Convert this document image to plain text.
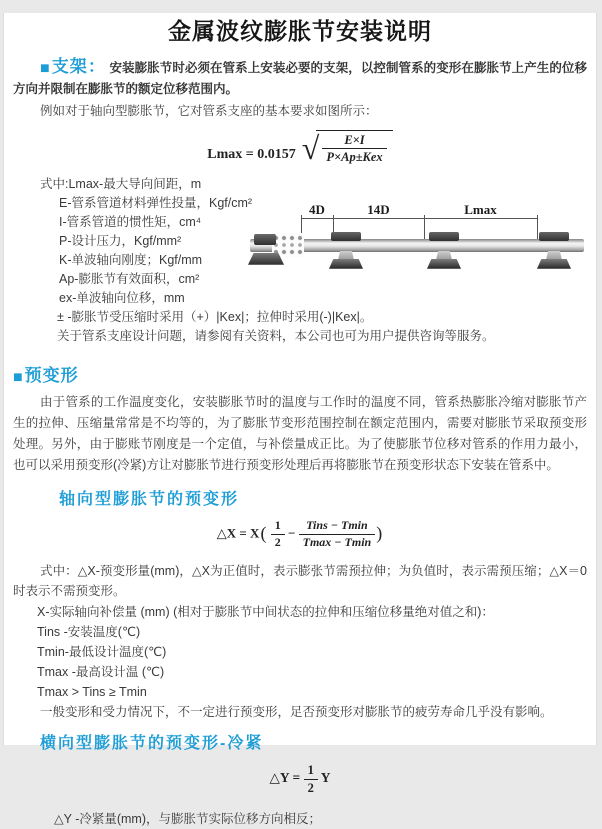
金属波纹膨胀节安装说明

■支架： 安装膨胀节时必须在管系上安装必要的支架，以控制管系的变形在膨胀节上产生的位移方向并限制在膨胀节的额定位移范围内。

例如对于轴向型膨胀节，它对管系支座的基本要求如图所示：

Lmax = 0.0157 √ $\frac{E\times I}{\text{P×Ap±Kex}}$

式中:Lmax-最大导向间距，m

E-管系管道材料弹性投量，Kgf/cm²

I-管系管道的惯性矩，cm⁴

P-设计压力，Kgf/mm²

K-单波轴向刚度；Kgf/mm

Ap-膨胀节有效面积，cm²

ex-单波轴向位移，mm

± -膨胀节受压缩时采用（+）|Kex|；拉伸时采用(-)|Kex|。

关于管系支座设计问题，请参阅有关资料，本公司也可为用户提供咨询等服务。

4D	14D	Lmax
■预变形

由于管系的工作温度变化，安装膨胀节时的温度与工作时的温度不同，管系热膨胀冷缩对膨胀节产生的拉伸、压缩量常常是不均等的，为了膨胀节变形范围控制在额定范围内，需要对膨胀节采取预变形处理。另外，由于膨账节刚度是一个定值，与补偿量成正比。为了使膨胀节位移对管系的作用力最小，也可以采用预变形(冷紧)方让对膨胀节进行预变形处理后再将膨胀节在预变形状态下安装在管系中。

轴向型膨胀节的预变形
△X = $X( \frac{1}{2} - \frac{\text{Tins − Tmin}}{Tmax - Tmin}$ )

式中：△X-预变形量(mm)，△X为正值时，表示膨张节需预拉伸；为负值时，表示需预压缩；△X＝0时表示不需预变形。

X-实际轴向补偿量 (mm) (相对于膨胀节中间状态的拉伸和压缩位移量绝对值之和)：

Tins -安装温度(℃)

Tmin-最低设计温度(℃)

Tmax -最高设计温 (℃)

Tmax > Tins ≥ Tmin

一般变形和受力情况下，不一定进行预变形，足否预变形对膨胀节的疲劳寿命几乎没有影响。

横向型膨胀节的预变形-冷紧
△Y = $\frac{1}{2}$ Y

△Y -冷紧量(mm)，与膨胀节实际位移方向相反；
